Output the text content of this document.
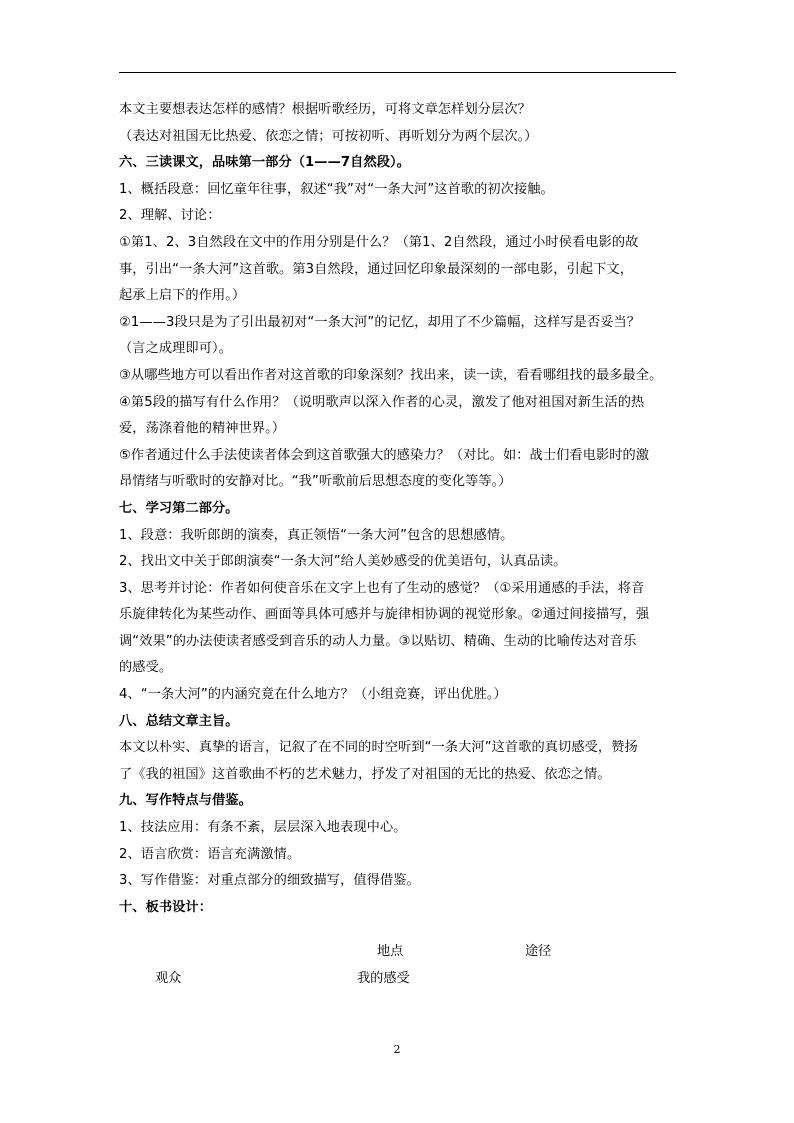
本文主要想表达怎样的感情？根据听歌经历，可将文章怎样划分层次？
（表达对祖国无比热爱、依恋之情；可按初听、再听划分为两个层次。）
六、三读课文，品味第一部分（1——7自然段）。
1、概括段意：回忆童年往事，叙述“我”对“一条大河”这首歌的初次接触。
2、理解、讨论：
①第1、2、3自然段在文中的作用分别是什么？（第1、2自然段，通过小时侯看电影的故
事，引出“一条大河”这首歌。第3自然段，通过回忆印象最深刻的一部电影，引起下文，
起承上启下的作用。）
②1——3段只是为了引出最初对“一条大河”的记忆，却用了不少篇幅，这样写是否妥当？
（言之成理即可）。
③从哪些地方可以看出作者对这首歌的印象深刻？找出来，读一读，看看哪组找的最多最全。
④第5段的描写有什么作用？（说明歌声以深入作者的心灵，激发了他对祖国对新生活的热
爱，荡涤着他的精神世界。）
⑤作者通过什么手法使读者体会到这首歌强大的感染力？（对比。如：战士们看电影时的激
昂情绪与听歌时的安静对比。“我”听歌前后思想态度的变化等等。）
七、学习第二部分。
1、段意：我听郎朗的演奏，真正领悟“一条大河”包含的思想感情。
2、找出文中关于郎朗演奏“一条大河”给人美妙感受的优美语句，认真品读。
3、思考并讨论：作者如何使音乐在文字上也有了生动的感觉？（①采用通感的手法，将音
乐旋律转化为某些动作、画面等具体可感并与旋律相协调的视觉形象。②通过间接描写，强
调“效果”的办法使读者感受到音乐的动人力量。③以贴切、精确、生动的比喻传达对音乐
的感受。
4、“一条大河”的内涵究竟在什么地方？（小组竞赛，评出优胜。）
八、总结文章主旨。
本文以朴实、真挚的语言，记叙了在不同的时空听到“一条大河”这首歌的真切感受，赞扬
了《我的祖国》这首歌曲不朽的艺术魅力，抒发了对祖国的无比的热爱、依恋之情。
九、写作特点与借鉴。
1、技法应用：有条不紊，层层深入地表现中心。
2、语言欣赏：语言充满激情。
3、写作借鉴：对重点部分的细致描写，值得借鉴。
十、板书设计：
地点	途径
观众	我的感受
2
